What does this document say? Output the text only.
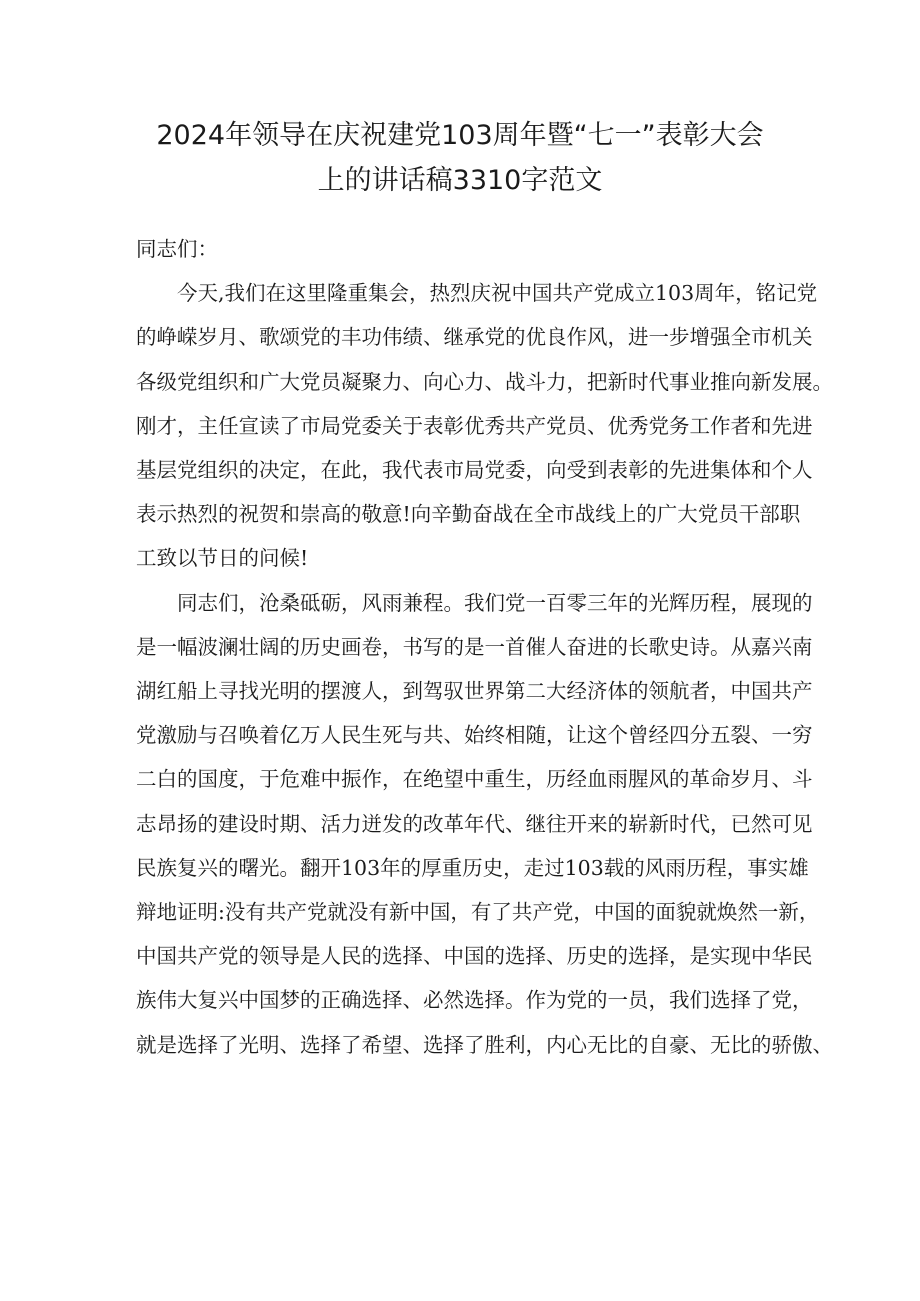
2024年领导在庆祝建党103周年暨“七一”表彰大会
上的讲话稿3310字范文
同志们：
今天,我们在这里隆重集会，热烈庆祝中国共产党成立103周年，铭记党
的峥嵘岁月、歌颂党的丰功伟绩、继承党的优良作风，进一步增强全市机关
各级党组织和广大党员凝聚力、向心力、战斗力，把新时代事业推向新发展。
刚才，主任宣读了市局党委关于表彰优秀共产党员、优秀党务工作者和先进
基层党组织的决定，在此，我代表市局党委，向受到表彰的先进集体和个人
表示热烈的祝贺和崇高的敬意!向辛勤奋战在全市战线上的广大党员干部职
工致以节日的问候!
同志们，沧桑砥砺，风雨兼程。我们党一百零三年的光辉历程，展现的
是一幅波澜壮阔的历史画卷，书写的是一首催人奋进的长歌史诗。从嘉兴南
湖红船上寻找光明的摆渡人，到驾驭世界第二大经济体的领航者，中国共产
党激励与召唤着亿万人民生死与共、始终相随，让这个曾经四分五裂、一穷
二白的国度，于危难中振作，在绝望中重生，历经血雨腥风的革命岁月、斗
志昂扬的建设时期、活力迸发的改革年代、继往开来的崭新时代，已然可见
民族复兴的曙光。翻开103年的厚重历史，走过103载的风雨历程，事实雄
辩地证明:没有共产党就没有新中国，有了共产党，中国的面貌就焕然一新，
中国共产党的领导是人民的选择、中国的选择、历史的选择，是实现中华民
族伟大复兴中国梦的正确选择、必然选择。作为党的一员，我们选择了党，
就是选择了光明、选择了希望、选择了胜利，内心无比的自豪、无比的骄傲、
